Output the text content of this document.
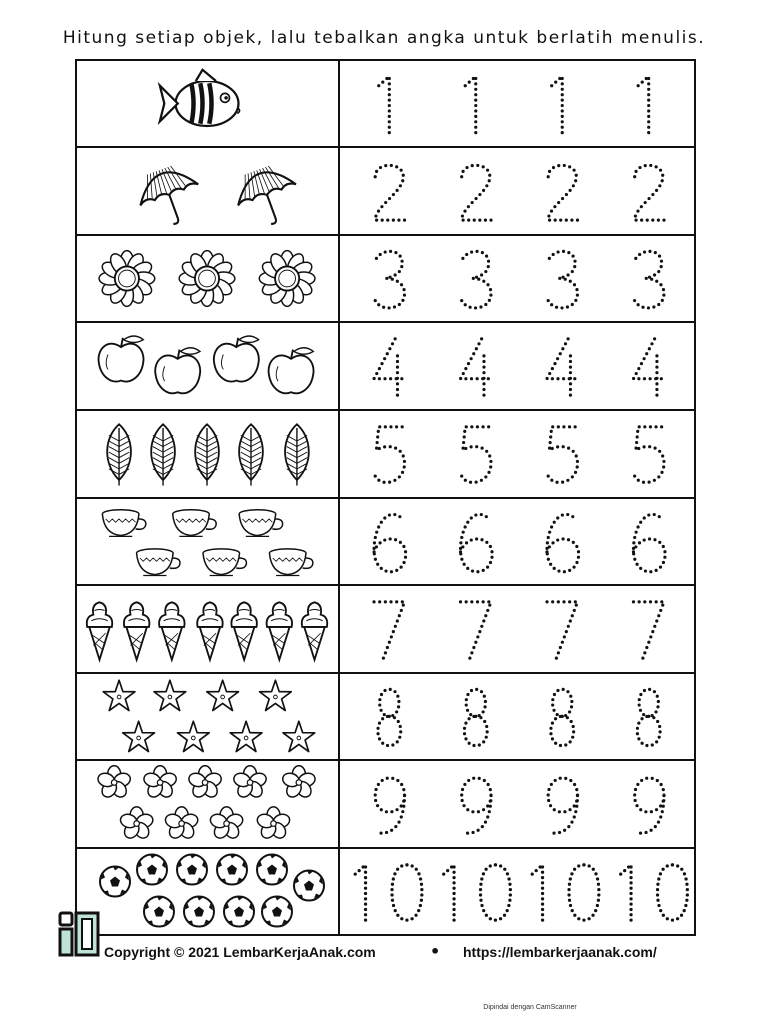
Hitung setiap objek, lalu tebalkan angka untuk berlatih menulis.
Copyright © 2021 LembarKerjaAnak.com	• https://lembarkerjaanak.com/
Dipindai dengan CamScanner
